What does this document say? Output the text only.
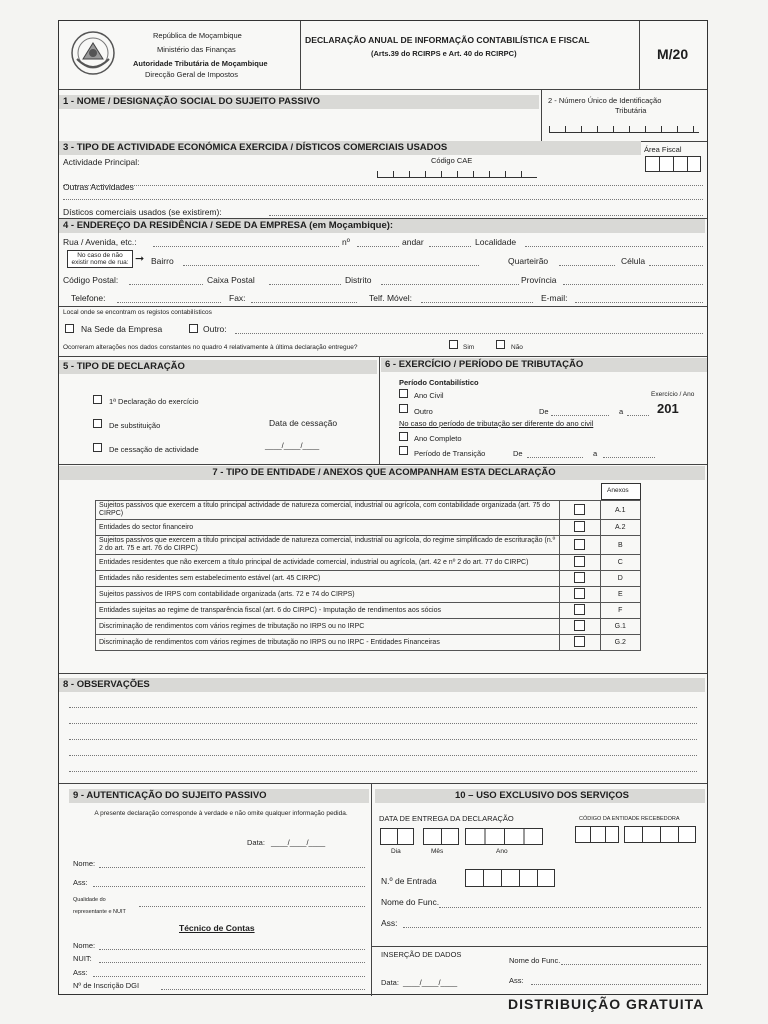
República de Moçambique
Ministério das Finanças
Autoridade Tributária de Moçambique
Direcção Geral de Impostos
DECLARAÇÃO ANUAL DE INFORMAÇÃO CONTABILÍSTICA E FISCAL
(Arts.39 do RCIRPS e Art. 40 do RCIRPC)	M/20
1 - NOME / DESIGNAÇÃO SOCIAL DO SUJEITO PASSIVO	2 - Número Único de Identificação
Tributária
3 - TIPO DE ACTIVIDADE ECONÓMICA EXERCIDA / DÍSTICOS COMERCIAIS USADOS
Actividade Principal:	Código CAE
Área Fiscal
Outras Actividades
Dísticos comerciais usados (se existirem):
4 - ENDEREÇO DA RESIDÊNCIA / SEDE DA EMPRESA (em Moçambique):
Rua / Avenida, etc.:	nº	andar	Localidade
No caso de não existir nome de rua: ➞ Bairro	Quarteirão	Célula
Código Postal:	Caixa Postal	Distrito	Província
Telefone:	Fax:	Telf. Móvel:	E-mail:
Local onde se encontram os registos contabilísticos
Na Sede da Empresa	Outro:
Ocorreram alterações nos dados constantes no quadro 4 relativamente à última declaração entregue?	Sim	Não
5 - TIPO DE DECLARAÇÃO
1ª Declaração do exercício
De substituição	Data de cessação
De cessação de actividade	____/____/____
6 - EXERCÍCIO / PERÍODO DE TRIBUTAÇÃO
Período Contabilístico
Ano Civil	Exercício / Ano
Outro	De	a	201
No caso do período de tributação ser diferente do ano civil
Ano Completo
Período de Transição	De	a
7 - TIPO DE ENTIDADE / ANEXOS QUE ACOMPANHAM ESTA DECLARAÇÃO
Anexos
Sujeitos passivos que exercem a título principal actividade de natureza comercial, industrial ou agrícola, com contabilidade organizada (art. 75 do CIRPC)		A.1
Entidades do sector financeiro		A.2
Sujeitos passivos que exercem a título principal actividade de natureza comercial, industrial ou agrícola, do regime simplificado de escrituração (n.º 2 do art. 75 e art. 76 do CIRPC)		B
Entidades residentes que não exercem a título principal de actividade comercial, industrial ou agrícola, (art. 42 e nº 2 do art. 77 do CIRPC)		C
Entidades não residentes sem estabelecimento estável (art. 45 CIRPC)		D
Sujeitos passivos de IRPS com contabilidade organizada (arts. 72 e 74 do CIRPS)		E
Entidades sujeitas ao regime de transparência fiscal (art. 6 do CIRPC) - Imputação de rendimentos aos sócios		F
Discriminação de rendimentos com vários regimes de tributação no IRPS ou no IRPC		G.1
Discriminação de rendimentos com vários regimes de tributação no IRPS ou no IRPC - Entidades Financeiras		G.2
8 - OBSERVAÇÕES
9 - AUTENTICAÇÃO DO SUJEITO PASSIVO
A presente declaração corresponde à verdade e não omite qualquer informação pedida.
Data: ____/____/____
Nome:
Ass:
Qualidade do
representante e NUIT
Técnico de Contas
Nome:
NUIT:
Ass:
Nº de Inscrição DGI
10 – USO EXCLUSIVO DOS SERVIÇOS
DATA DE ENTREGA DA DECLARAÇÃO	CÓDIGO DA ENTIDADE RECEBEDORA
Dia	Mês	Ano
N.º de Entrada
Nome do Func.
Ass:
INSERÇÃO DE DADOS
Nome do Func.
Data: ____/____/____	Ass:
DISTRIBUIÇÃO GRATUITA
